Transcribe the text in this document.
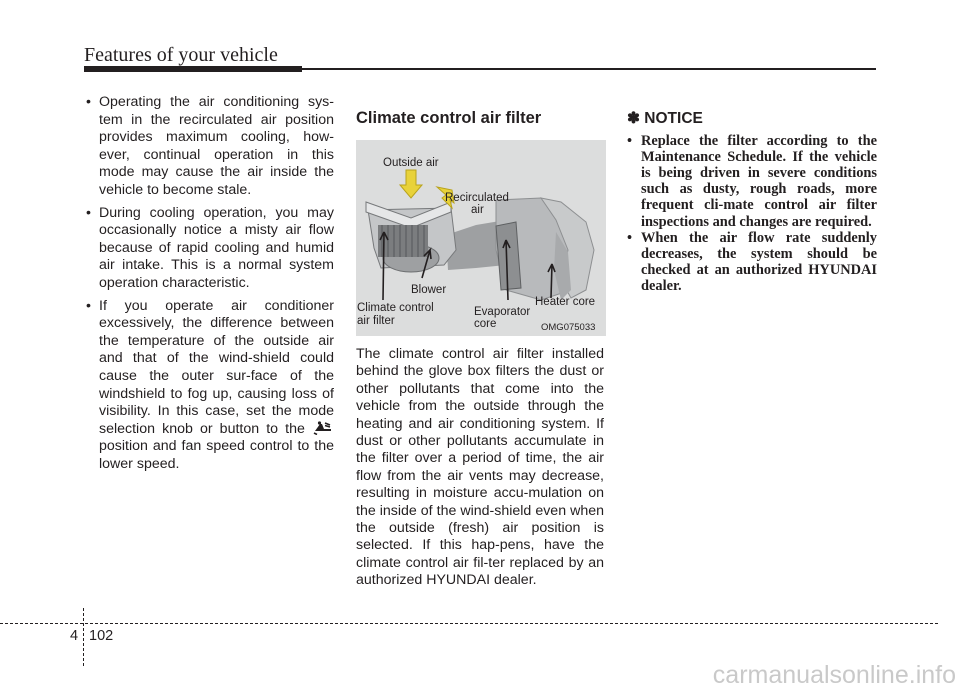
Features of your vehicle
• Operating the air conditioning sys-tem in the recirculated air position provides maximum cooling, how-ever, continual operation in this mode may cause the air inside the vehicle to become stale.
• During cooling operation, you may occasionally notice a misty air flow because of rapid cooling and humid air intake. This is a normal system operation characteristic.
• If you operate air conditioner excessively, the difference between the temperature of the outside air and that of the wind-shield could cause the outer sur-face of the windshield to fog up, causing loss of visibility. In this case, set the mode selection knob or button to the  position and fan speed control to the lower speed.
Climate control air filter
Outside air
Recirculated
air
Blower
Climate control
air filter
Evaporator
core
Heater core
OMG075033
The climate control air filter installed behind the glove box filters the dust or other pollutants that come into the vehicle from the outside through the heating and air conditioning system. If dust or other pollutants accumulate in the filter over a period of time, the air flow from the air vents may decrease, resulting in moisture accu-mulation on the inside of the wind-shield even when the outside (fresh) air position is selected. If this hap-pens, have the climate control air fil-ter replaced by an authorized HYUNDAI dealer.
✽ NOTICE
• Replace the filter according to the Maintenance Schedule. If the vehicle is being driven in severe conditions such as dusty, rough roads, more frequent cli-mate control air filter inspections and changes are required.
• When the air flow rate suddenly decreases, the system should be checked at an authorized HYUNDAI dealer.
4 102
carmanualsonline.info
